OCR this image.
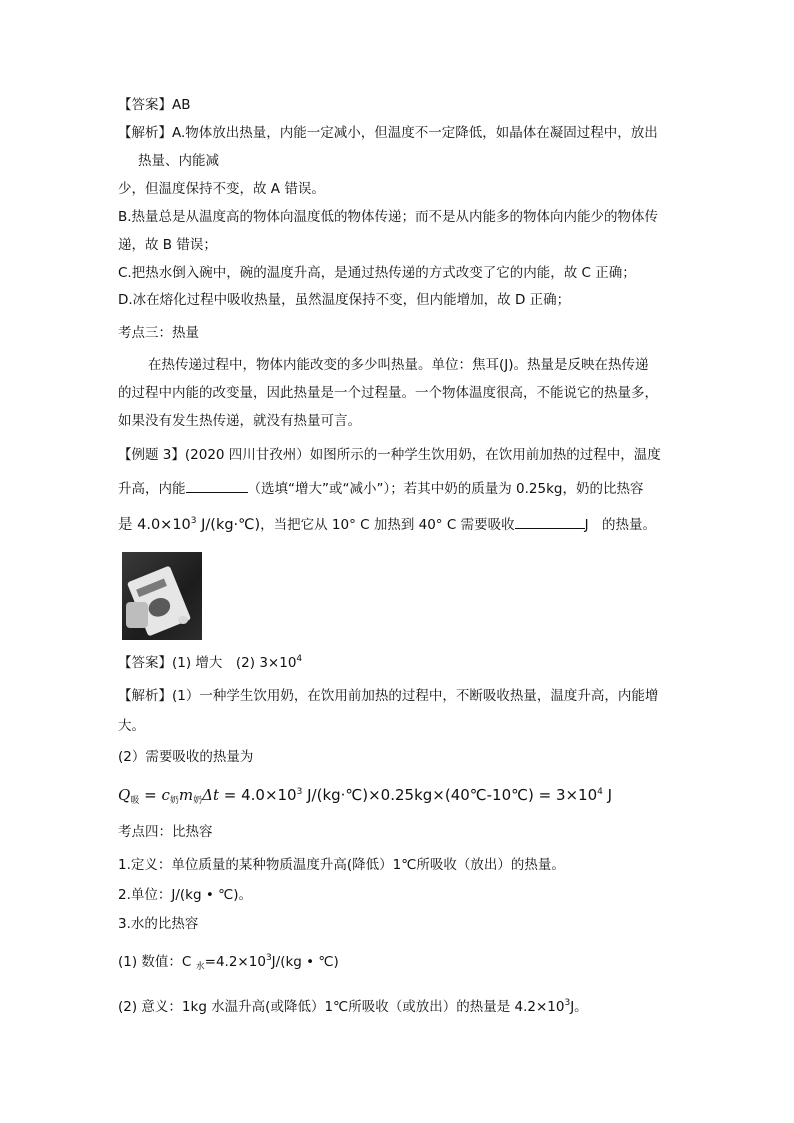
【答案】AB
【解析】A.物体放出热量，内能一定减小，但温度不一定降低，如晶体在凝固过程中，放出
热量、内能减
少，但温度保持不变，故 A 错误。
B.热量总是从温度高的物体向温度低的物体传递；而不是从内能多的物体向内能少的物体传
递，故 B 错误；
C.把热水倒入碗中，碗的温度升高，是通过热传递的方式改变了它的内能，故 C 正确；
D.冰在熔化过程中吸收热量，虽然温度保持不变，但内能增加，故 D 正确；
考点三：热量
在热传递过程中，物体内能改变的多少叫热量。单位：焦耳(J)。热量是反映在热传递
的过程中内能的改变量，因此热量是一个过程量。一个物体温度很高，不能说它的热量多，
如果没有发生热传递，就没有热量可言。
【例题 3】(2020 四川甘孜州）如图所示的一种学生饮用奶，在饮用前加热的过程中，温度
升高，内能	（选填“增大”或“减小”）；若其中奶的质量为 0.25kg，奶的比热容
是 $4.0\times 10^3$ J/(kg·℃)，当把它从 10° C 加热到 40° C 需要吸收	J　的热量。
【答案】(1) 增大　(2) $3\times 10^4$
【解析】(1）一种学生饮用奶，在饮用前加热的过程中，不断吸收热量，温度升高，内能增
大。
(2）需要吸收的热量为
$Q_吸 = c_奶m_奶\Delta t = 4.0\times 10^3$ J/(kg·℃)×0.25kg×(40℃-10℃) = $3\times 10^4$ J
考点四：比热容
1.定义：单位质量的某种物质温度升高(降低）1℃所吸收（放出）的热量。
2.单位：J/(kg • ℃)。
3.水的比热容
(1) 数值：C $_水=4.2\times 10^3J/(kg$ • ℃)
(2) 意义：1kg 水温升高(或降低）1℃所吸收（或放出）的热量是 $4.2\times 10^3J$。
